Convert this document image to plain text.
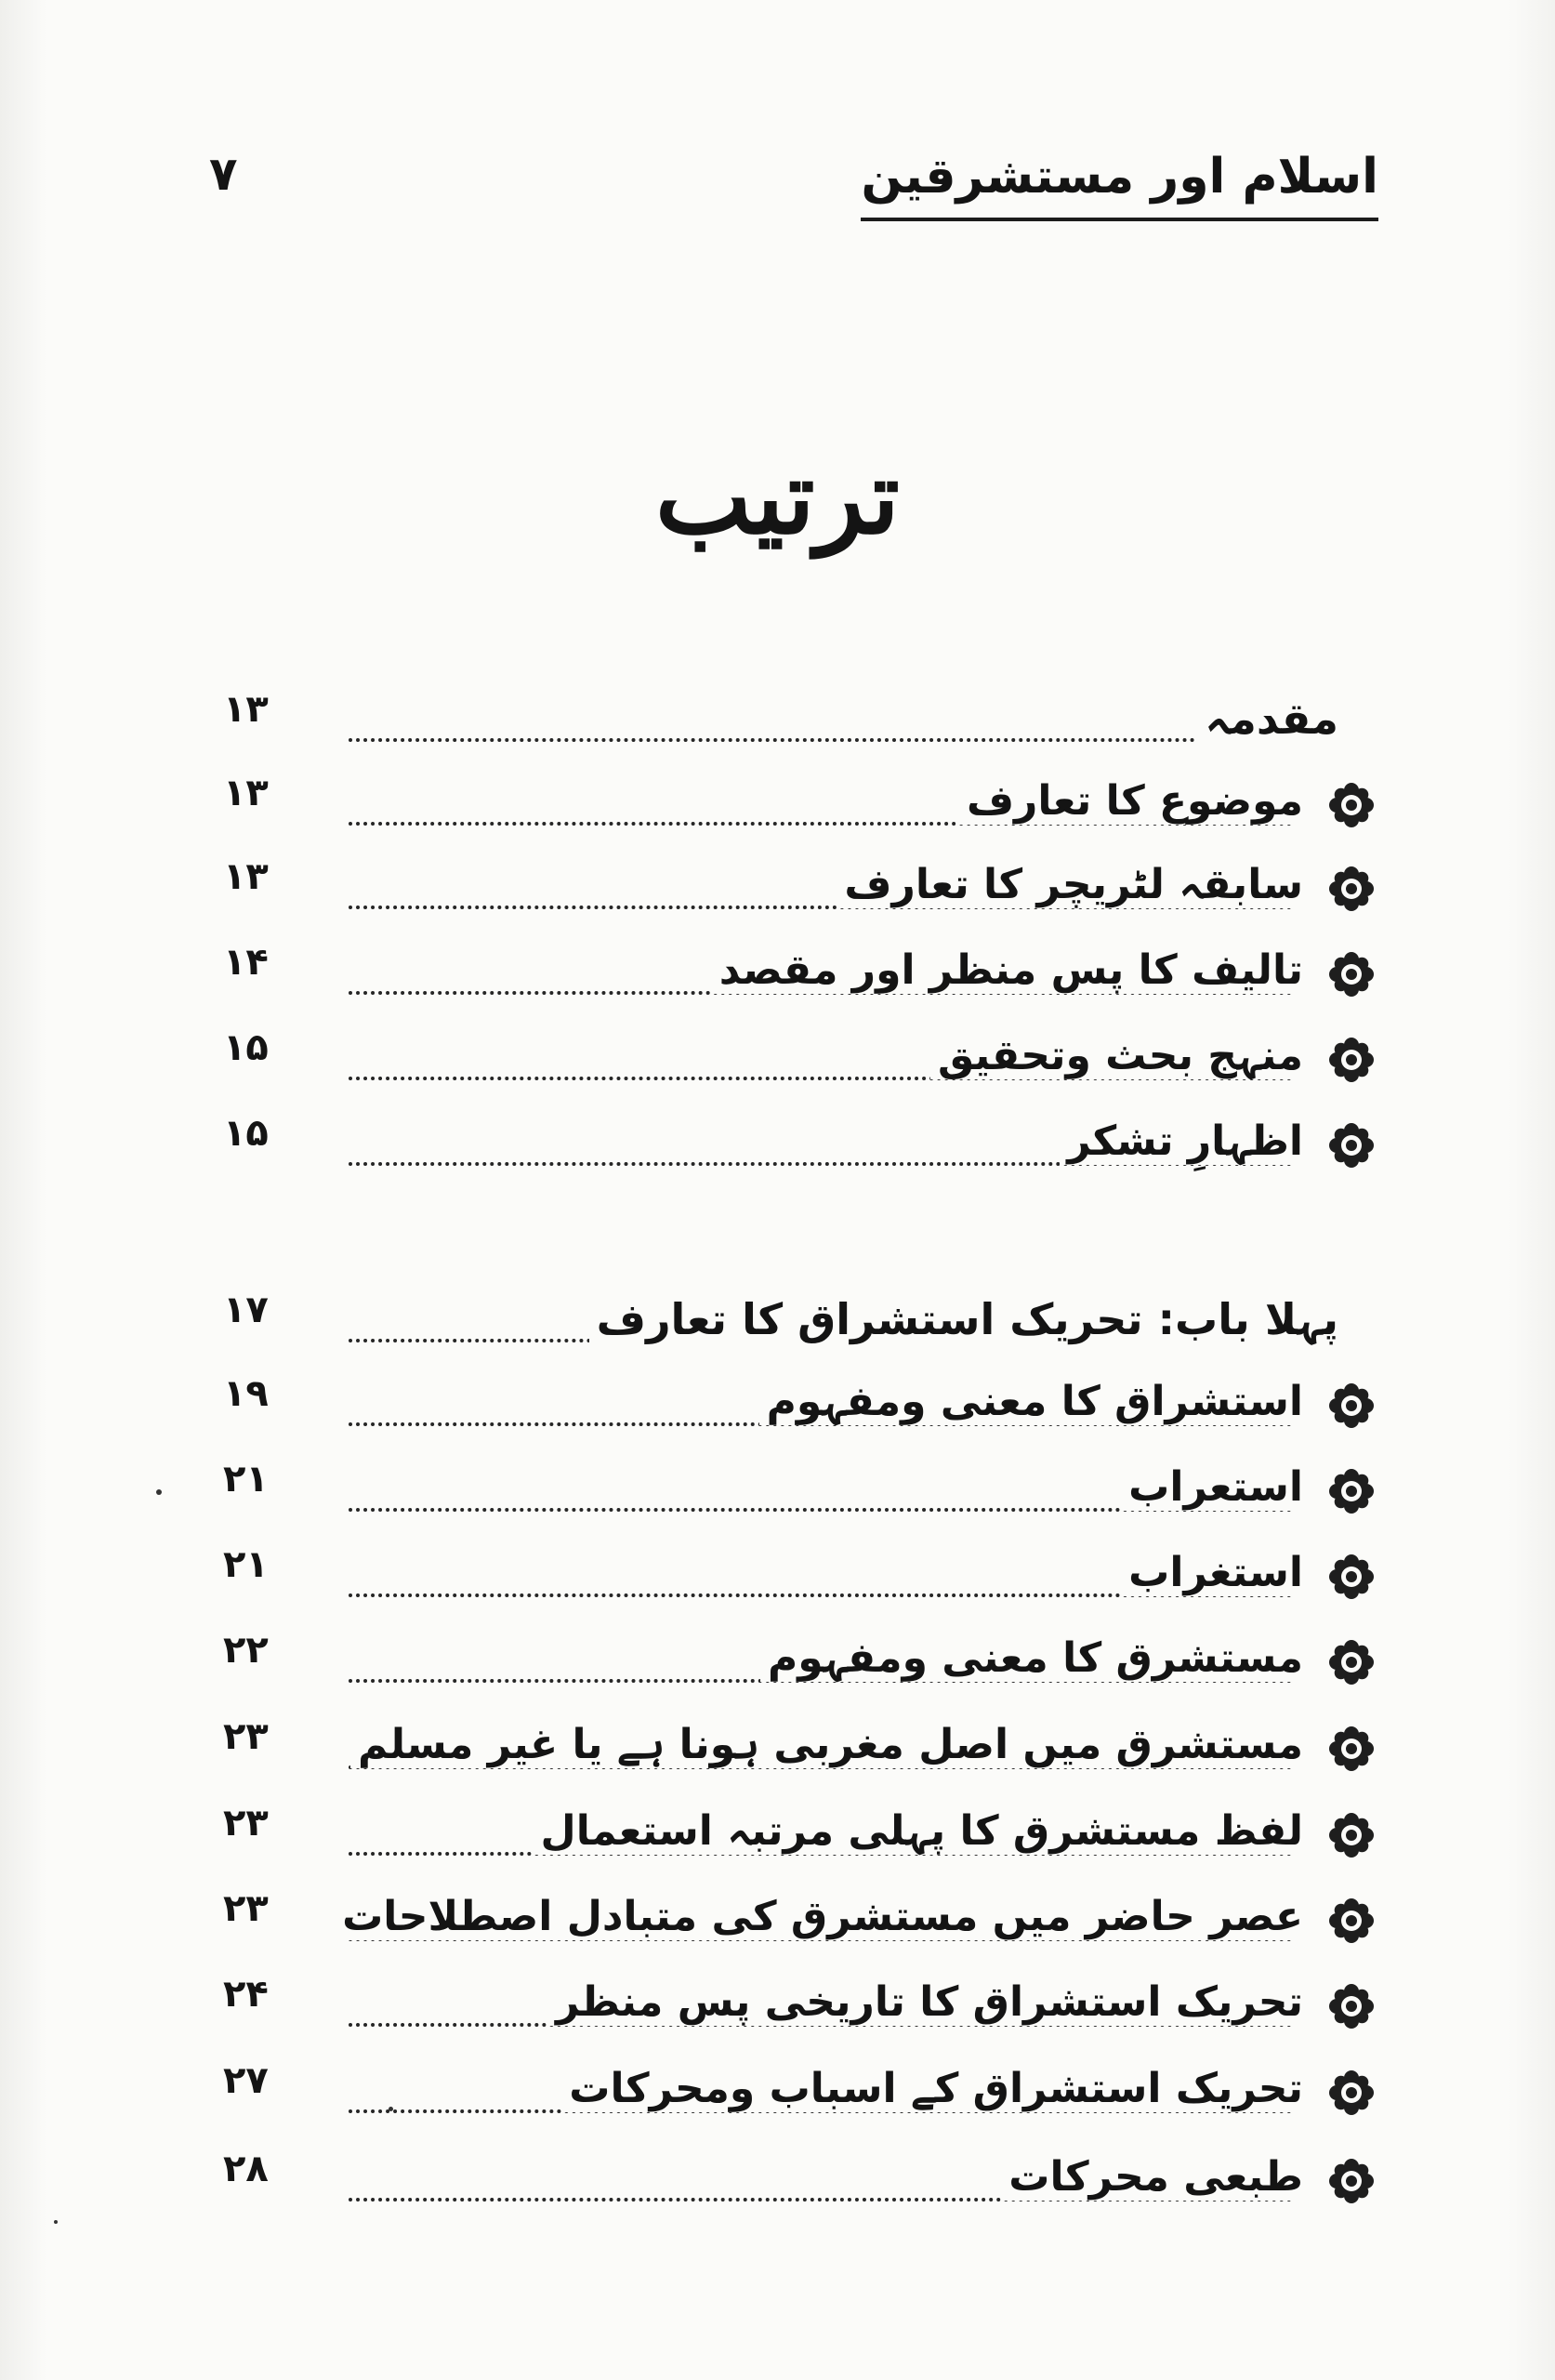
اسلام اور مستشرقین
۷
ترتیب
مقدمہ
۱۳
موضوع کا تعارف
۱۳
سابقہ لٹریچر کا تعارف
۱۳
تالیف کا پس منظر اور مقصد
۱۴
منہج بحث وتحقیق
۱۵
اظہارِ تشکر
۱۵
پہلا باب: تحریک استشراق کا تعارف
۱۷
استشراق کا معنی ومفہوم
۱۹
استعراب
۲۱
استغراب
۲۱
مستشرق کا معنی ومفہوم
۲۲
مستشرق میں اصل مغربی ہونا ہے یا غیر مسلم
۲۳
لفظ مستشرق کا پہلی مرتبہ استعمال
۲۳
عصر حاضر میں مستشرق کی متبادل اصطلاحات
۲۳
تحریک استشراق کا تاریخی پس منظر
۲۴
تحریک استشراق کے اسباب ومحرکات
۲۷
طبعی محرکات
۲۸
